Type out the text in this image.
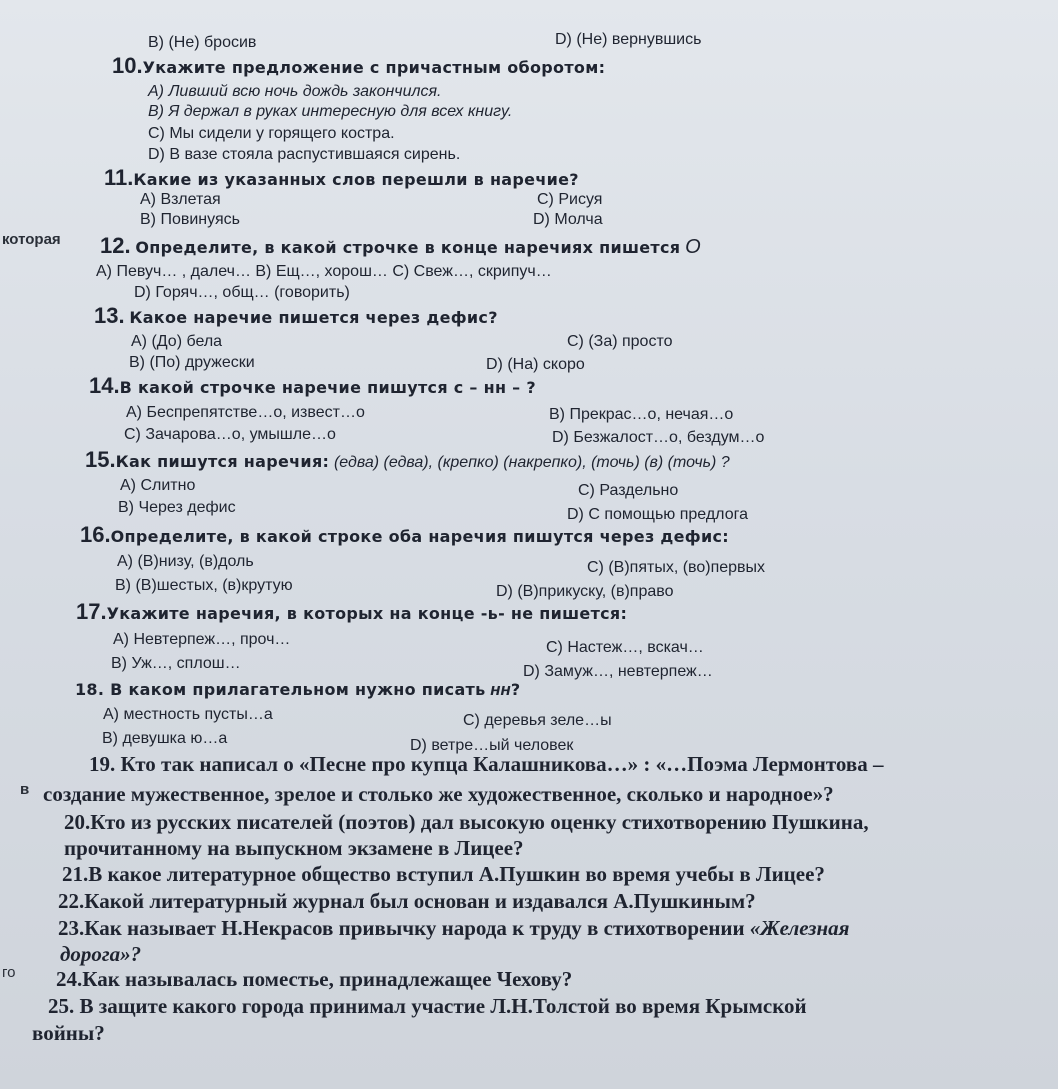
B) (Не) бросив	D) (Не) вернувшись
10.Укажите предложение с причастным оборотом:
А) Ливший всю ночь дождь закончился.
В) Я держал в руках интересную для всех книгу.
С) Мы сидели у горящего костра.
D) В вазе стояла распустившаяся сирень.
11.Какие из указанных слов перешли в наречие?
А) Взлетая	С) Рисуя
В) Повинуясь	D) Молча
которая 12. Определите, в какой строчке в конце наречиях пишется О
А) Певуч… , далеч… В) Ещ…, хорош… С) Свеж…, скрипуч…
D) Горяч…, общ… (говорить)
13. Какое наречие пишется через дефис?
А) (До) бела	С) (За) просто
В) (По) дружески	D) (На) скоро
14.В какой строчке наречие пишутся с – нн – ?
А) Беспрепятстве…о, извест…о	В) Прекрас…о, нечая…о
С) Зачарова…о, умышле…о	D) Безжалост…о, бездум…о
15.Как пишутся наречия: (едва) (едва), (крепко) (накрепко), (точь) (в) (точь) ?
А) Слитно	С) Раздельно
В) Через дефис	D) С помощью предлога
16.Определите, в какой строке оба наречия пишутся через дефис:
А) (В)низу, (в)доль	С) (В)пятых, (во)первых
В) (В)шестых, (в)крутую	D) (В)прикуску, (в)право
17.Укажите наречия, в которых на конце -ь- не пишется:
А) Невтерпеж…, проч…	С) Настеж…, вскач…
В) Уж…, сплош…	D) Замуж…, невтерпеж…
18. В каком прилагательном нужно писать нн?
А) местность пусты…а	С) деревья зеле…ы
В) девушка ю…а	D) ветре…ый человек
19. Кто так написал о «Песне про купца Калашникова…» : «…Поэма Лермонтова –
в создание мужественное, зрелое и столько же художественное, сколько и народное»?
20.Кто из русских писателей (поэтов) дал высокую оценку стихотворению Пушкина,
прочитанному на выпускном экзамене в Лицее?
21.В какое литературное общество вступил А.Пушкин во время учебы в Лицее?
22.Какой литературный журнал был основан и издавался А.Пушкиным?
23.Как называет Н.Некрасов привычку народа к труду в стихотворении «Железная
дорога»?
го 24.Как называлась поместье, принадлежащее Чехову?
25. В защите какого города принимал участие Л.Н.Толстой во время Крымской
войны?
